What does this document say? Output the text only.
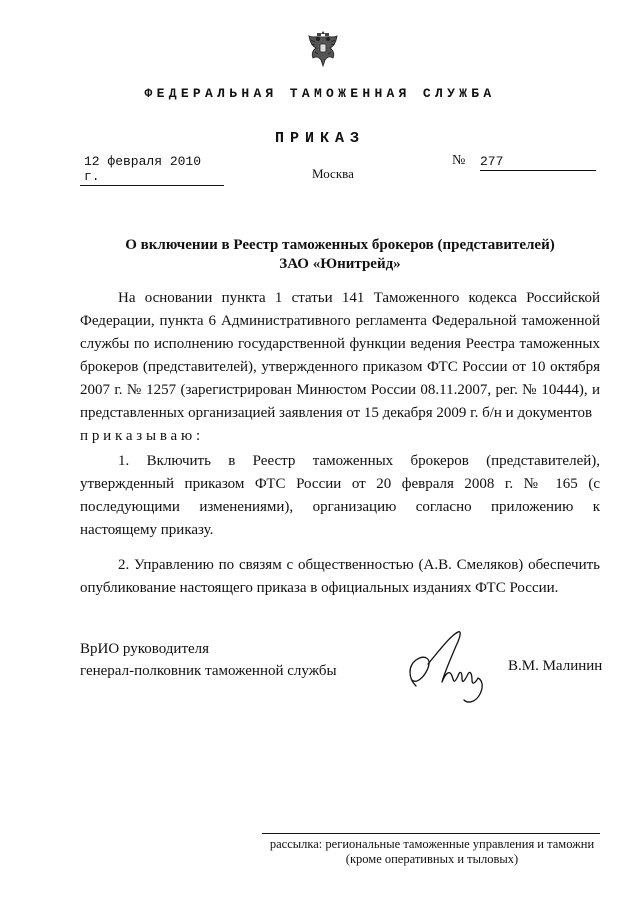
ФЕДЕРАЛЬНАЯ ТАМОЖЕННАЯ СЛУЖБА
ПРИКАЗ
12 февраля 2010 г.
№ 277
Москва
О включении в Реестр таможенных брокеров (представителей)
ЗАО «Юнитрейд»

На основании пункта 1 статьи 141 Таможенного кодекса Российской Федерации, пункта 6 Административного регламента Федеральной таможенной службы по исполнению государственной функции ведения Реестра таможенных брокеров (представителей), утвержденного приказом ФТС России от 10 октября 2007 г. № 1257 (зарегистрирован Минюстом России 08.11.2007, рег. № 10444), и представленных организацией заявления от 15 декабря 2009 г. б/н и документов

приказываю:

1. Включить в Реестр таможенных брокеров (представителей), утвержденный приказом ФТС России от 20 февраля 2008 г. № 165 (с последующими изменениями), организацию согласно приложению к настоящему приказу.

2. Управлению по связям с общественностью (А.В. Смеляков) обеспечить опубликование настоящего приказа в официальных изданиях ФТС России.

ВрИО руководителя
генерал-полковник таможенной службы	В.М. Малинин
рассылка: региональные таможенные управления и таможни
(кроме оперативных и тыловых)
